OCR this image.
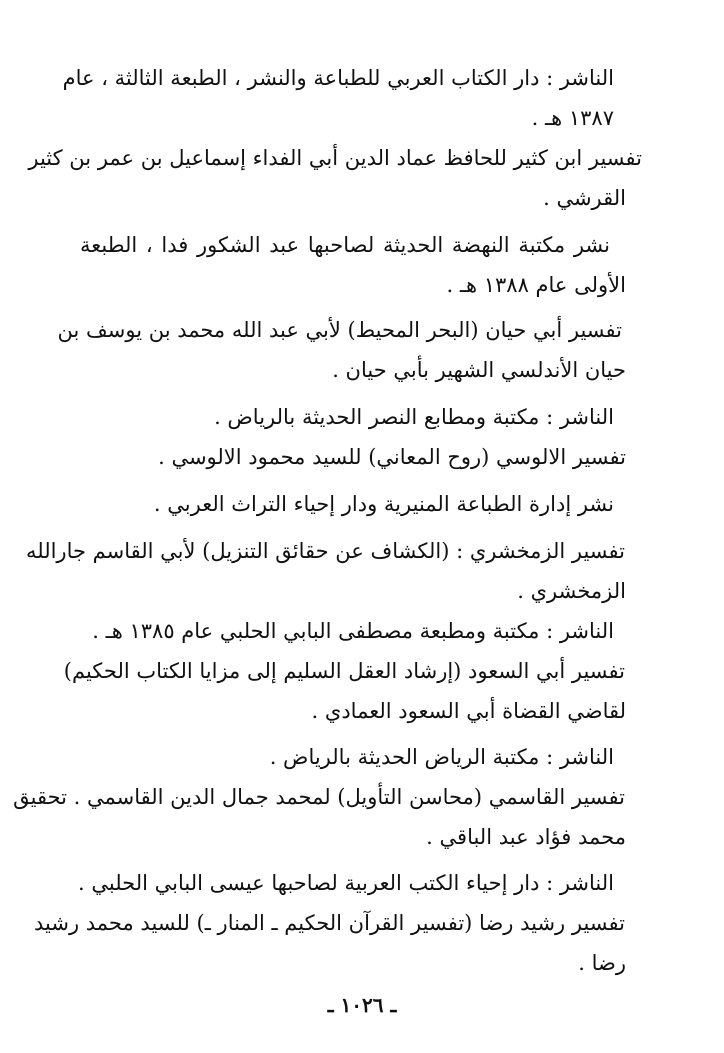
الناشر : دار الكتاب العربي للطباعة والنشر ، الطبعة الثالثة ، عام
١٣٨٧ هـ .
تفسير ابن كثير للحافظ عماد الدين أبي الفداء إسماعيل بن عمر بن كثير
القرشي .
نشر مكتبة النهضة الحديثة لصاحبها عبد الشكور فدا ، الطبعة
الأولى عام ١٣٨٨ هـ .
تفسير أبي حيان (البحر المحيط) لأبي عبد الله محمد بن يوسف بن
حيان الأندلسي الشهير بأبي حيان .
الناشر : مكتبة ومطابع النصر الحديثة بالرياض .
تفسير الالوسي (روح المعاني) للسيد محمود الالوسي .
نشر إدارة الطباعة المنيرية ودار إحياء التراث العربي .
تفسير الزمخشري : (الكشاف عن حقائق التنزيل) لأبي القاسم جارالله
الزمخشري .
الناشر : مكتبة ومطبعة مصطفى البابي الحلبي عام ١٣٨٥ هـ .
تفسير أبي السعود (إرشاد العقل السليم إلى مزايا الكتاب الحكيم)
لقاضي القضاة أبي السعود العمادي .
الناشر : مكتبة الرياض الحديثة بالرياض .
تفسير القاسمي (محاسن التأويل) لمحمد جمال الدين القاسمي . تحقيق
محمد فؤاد عبد الباقي .
الناشر : دار إحياء الكتب العربية لصاحبها عيسى البابي الحلبي .
تفسير رشيد رضا (تفسير القرآن الحكيم ـ المنار ـ) للسيد محمد رشيد
رضا .
ـ ١٠٢٦ ـ
